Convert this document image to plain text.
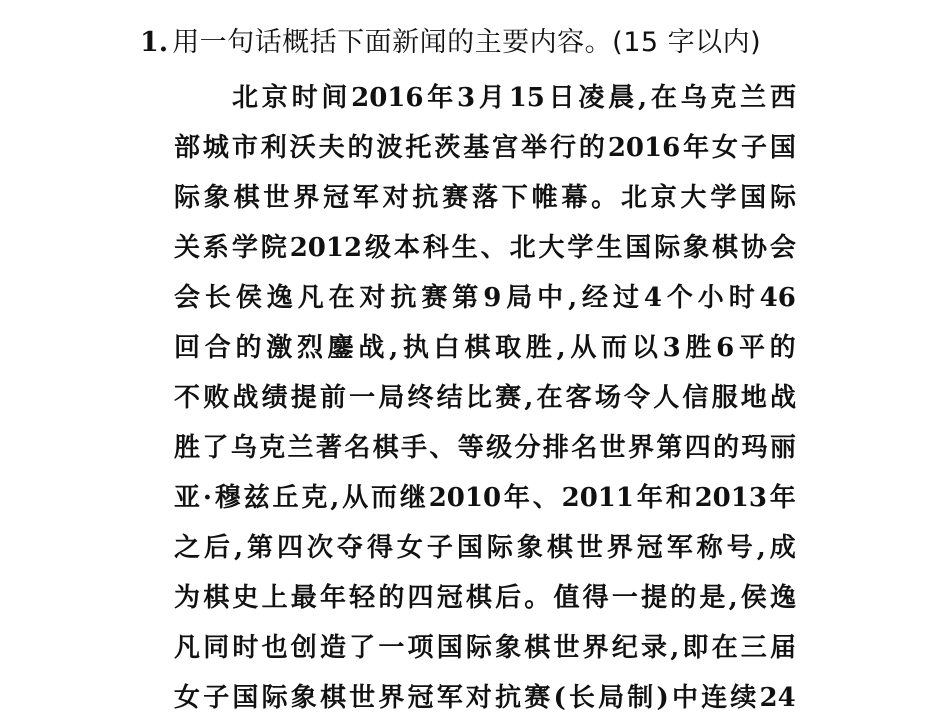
1. 用一句话概括下面新闻的主要内容。(15 字以内)
北 京 时 间 2016 年 3 月 15 日 凌 晨 , 在 乌 克 兰 西
部 城 市 利 沃 夫 的 波 托 茨 基 宫 举 行 的 2016 年 女 子 国
际 象 棋 世 界 冠 军 对 抗 赛 落 下 帷 幕 。 北 京 大 学 国 际
关 系 学 院 2012 级 本 科 生 、 北 大 学 生 国 际 象 棋 协 会
会 长 侯 逸 凡 在 对 抗 赛 第 9 局 中 , 经 过 4 个 小 时 46
回 合 的 激 烈 鏖 战 , 执 白 棋 取 胜 , 从 而 以 3 胜 6 平 的
不 败 战 绩 提 前 一 局 终 结 比 赛 , 在 客 场 令 人 信 服 地 战
胜 了 乌 克 兰 著 名 棋 手 、 等 级 分 排 名 世 界 第 四 的 玛 丽
亚 · 穆 兹 丘 克 , 从 而 继 2010 年 、 2011 年 和 2013 年
之 后 , 第 四 次 夺 得 女 子 国 际 象 棋 世 界 冠 军 称 号 , 成
为 棋 史 上 最 年 轻 的 四 冠 棋 后 。 值 得 一 提 的 是 , 侯 逸
凡 同 时 也 创 造 了 一 项 国 际 象 棋 世 界 纪 录 , 即 在 三 届
女 子 国 际 象 棋 世 界 冠 军 对 抗 赛 ( 长 局 制 ) 中 连 续 24
